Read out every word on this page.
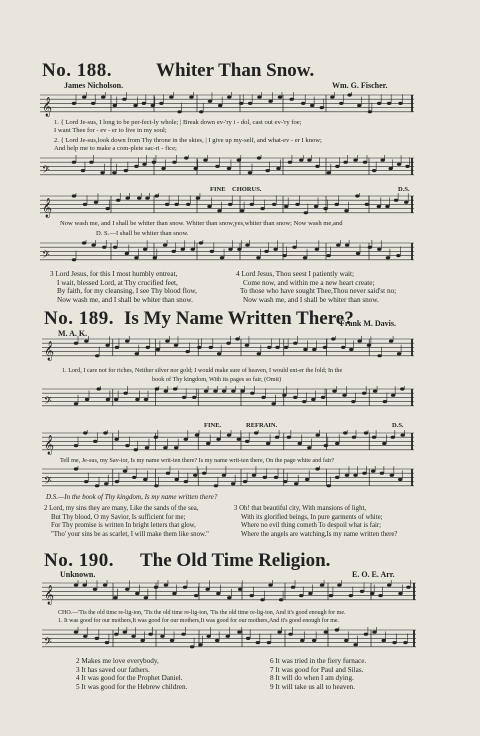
No. 188. Whiter Than Snow.
James Nicholson.	Wm. G. Fischer.
𝄞
1. { Lord Je-sus, I long to be per-fect-ly whole; | Break down ev-'ry i - dol, cast out ev-'ry foe;
I want Thee for - ev - er to live in my soul;
2. { Lord Je-sus,look down from Thy throne in the skies, | I give up my-self, and what-ev - er I know;
And help me to make a com-plete sac-ri - fice;
𝄢
FINE CHORUS.	D.S.
𝄞
Now wash me, and I shall be whiter than snow. Whiter than snow,yes,whiter than snow; Now wash me,and
D. S.—I shall be whiter than snow.
𝄢
3 Lord Jesus, for this I most humbly entreat,
I wait, blessed Lord, at Thy crucified feet,
By faith, for my cleansing, I see Thy blood flow,
Now wash me, and I shall be whiter than snow.
4 Lord Jesus, Thou seest I patiently wait;
Come now, and within me a new heart create;
To those who have sought Thee,Thou never said'st no;
Now wash me, and I shall be whiter than snow.
No. 189. Is My Name Written There?
Frank M. Davis.
M. A. K.
𝄞
1. Lord, I care not for riches, Neither silver nor gold; I would make sure of heaven, I would ent-er the fold; In the
book of Thy kingdom, With its pages so fair, (Omit)
𝄢
FINE.	REFRAIN.	D.S.
𝄞
Tell me, Je-sus, my Sav-ior, Is my name writ-ten there? Is my name writ-ten there, On the page white and fair?
𝄢
D.S.—In the book of Thy kingdom, Is my name written there?
2 Lord, my sins they are many, Like the sands of the sea,
But Thy blood, O my Savior, Is sufficient for me;
For Thy promise is written In bright letters that glow,
"Tho' your sins be as scarlet, I will make them like snow."
3 Oh! that beautiful city, With mansions of light,
With its glorified beings, In pure garments of white;
Where no evil thing cometh To despoil what is fair;
Where the angels are watching,Is my name written there?
No. 190. The Old Time Religion.
Unknown.	E. O. E. Arr.
𝄞
CHO.—'Tis the old time re-lig-ion, 'Tis the old time re-lig-ion, 'Tis the old time re-lig-ion, And it's good enough for me.
1. It was good for our mothers,It was good for our mothers,It was good for our mothers,And it's good enough for me.
𝄢
2 Makes me love everybody,
3 It has saved our fathers.
4 It was good for the Prophet Daniel.
5 It was good for the Hebrew children.
6 It was tried in the fiery furnace.
7 It was good for Paul and Silas.
8 It will do when I am dying.
9 It will take us all to heaven.
